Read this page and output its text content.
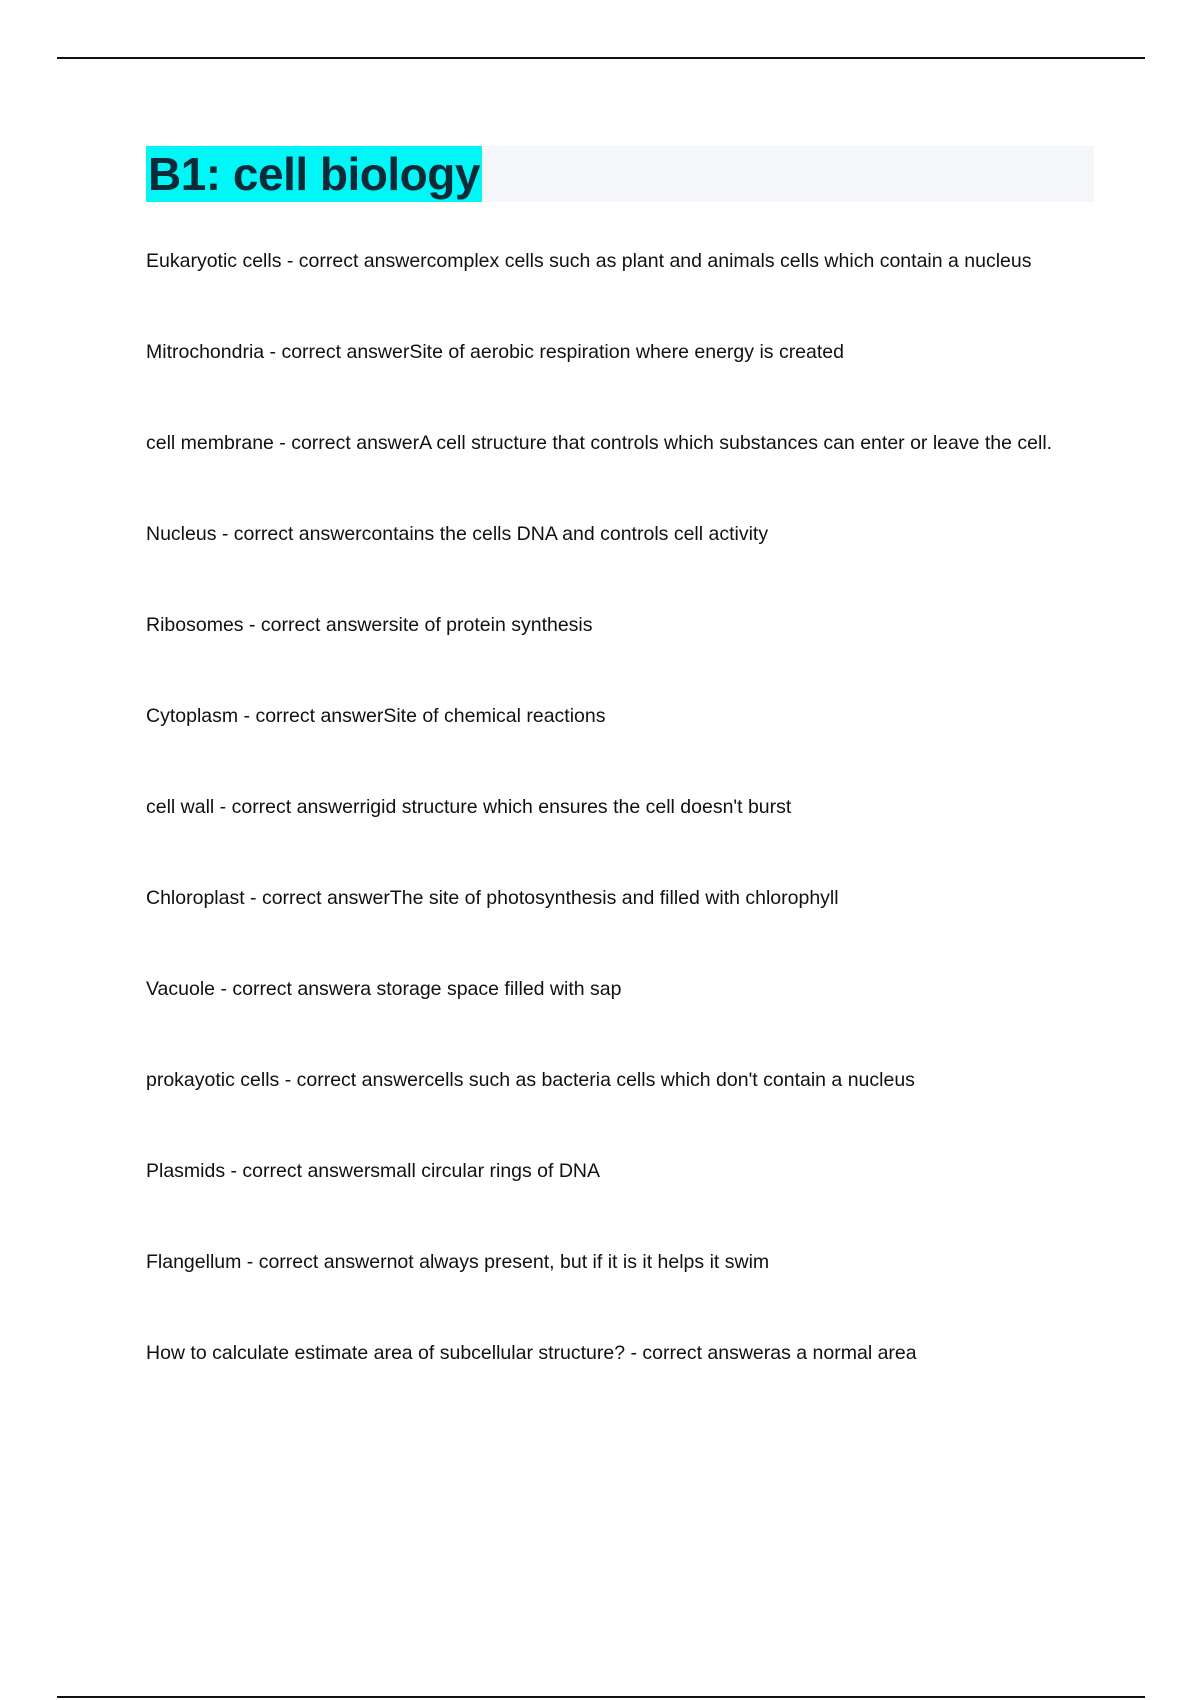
B1: cell biology
Eukaryotic cells - correct answercomplex cells such as plant and animals cells which contain a nucleus
Mitrochondria - correct answerSite of aerobic respiration where energy is created
cell membrane - correct answerA cell structure that controls which substances can enter or leave the cell.
Nucleus - correct answercontains the cells DNA and controls cell activity
Ribosomes - correct answersite of protein synthesis
Cytoplasm - correct answerSite of chemical reactions
cell wall - correct answerrigid structure which ensures the cell doesn't burst
Chloroplast - correct answerThe site of photosynthesis and filled with chlorophyll
Vacuole - correct answera storage space filled with sap
prokayotic cells - correct answercells such as bacteria cells which don't contain a nucleus
Plasmids - correct answersmall circular rings of DNA
Flangellum - correct answernot always present, but if it is it helps it swim
How to calculate estimate area of subcellular structure? - correct answeras a normal area
